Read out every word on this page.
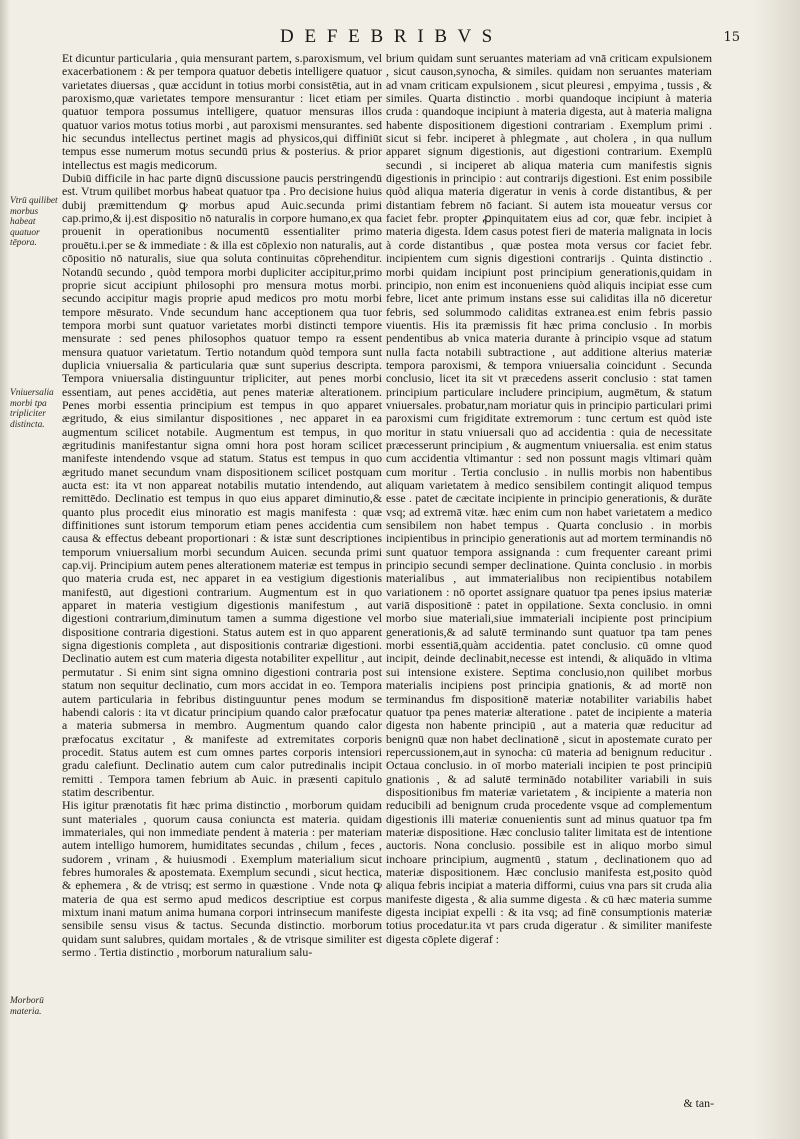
D E F E B R I B V S	15
Vtrū quilibet morbus habeat quatuor tēpora.
Vniuersalia morbi tpa tripliciter distincta.
Morborū materia.

Et dicuntur particularia , quia mensurant partem, s.paroxismum, vel exacerbationem : & per tempora quatuor debetis intelligere quatuor varietates diuersas , quæ accidunt in totius morbi consistētia, aut in paroxismo,quæ varietates tempore mensurantur : licet etiam per quatuor tempora possumus intelligere, quatuor mensuras illos quatuor varios motus totius morbi , aut paroxismi mensurantes. sed hic secundus intellectus pertinet magis ad physicos,qui diffiniūt tempus esse numerum motus secundū prius & posterius. & prior intellectus est magis medicorum.

Dubiū difficile in hac parte dignū discussione paucis perstringendū est. Vtrum quilibet morbus habeat quatuor tpa . Pro decisione huius dubij præmittendum ꝙ morbus apud Auic.secunda primi cap.primo,& ij.est dispositio nō naturalis in corpore humano,ex qua prouenit in operationibus nocumentū essentialiter primo prouētu.i.per se & immediate : & illa est cōplexio non naturalis, aut cōpositio nō naturalis, siue qua soluta continuitas cōprehenditur. Notandū secundo , quòd tempora morbi dupliciter accipitur,primo proprie sicut accipiunt philosophi pro mensura motus morbi. secundo accipitur magis proprie apud medicos pro motu morbi tempore mēsurato. Vnde secundum hanc acceptionem qua tuor tempora morbi sunt quatuor varietates morbi distincti tempore mensurate : sed penes philosophos quatuor tempo ra essent mensura quatuor varietatum. Tertio notandum quòd tempora sunt duplicia vniuersalia & particularia quæ sunt superius descripta. Tempora vniuersalia distinguuntur tripliciter, aut penes morbi essentiam, aut penes accidētia, aut penes materiæ alterationem. Penes morbi essentia principium est tempus in quo apparet ægritudo, & eius similantur dispositiones , nec apparet in ea augmentum scilicet notabile. Augmentum est tempus, in quo ægritudinis manifestantur signa omni hora post horam scilicet manifeste intendendo vsque ad statum. Status est tempus in quo ægritudo manet secundum vnam dispositionem scilicet postquam aucta est: ita vt non appareat notabilis mutatio intendendo, aut remittēdo. Declinatio est tempus in quo eius apparet diminutio,& quanto plus procedit eius minoratio est magis manifesta : quæ diffinitiones sunt istorum temporum etiam penes accidentia cum causa & effectus debeant proportionari : & istæ sunt descriptiones temporum vniuersalium morbi secundum Auicen. secunda primi cap.vij. Principium autem penes alterationem materiæ est tempus in quo materia cruda est, nec apparet in ea vestigium digestionis manifestū, aut digestioni contrarium. Augmentum est in quo apparet in materia vestigium digestionis manifestum , aut digestioni contrarium,diminutum tamen a summa digestione vel dispositione contraria digestioni. Status autem est in quo apparent signa digestionis completa , aut dispositionis contrariæ digestioni. Declinatio autem est cum materia digesta notabiliter expellitur , aut permutatur . Si enim sint signa omnino digestioni contraria post statum non sequitur declinatio, cum mors accidat in eo. Tempora autem particularia in febribus distinguuntur penes modum se habendi caloris : ita vt dicatur principium quando calor præfocatur a materia submersa in membro. Augmentum quando calor præfocatus excitatur , & manifeste ad extremitates corporis procedit. Status autem est cum omnes partes corporis intensiori gradu calefiunt. Declinatio autem cum calor putredinalis incipit remitti . Tempora tamen febrium ab Auic. in præsenti capitulo statim describentur.

His igitur prænotatis fit hæc prima distinctio , morborum quidam sunt materiales , quorum causa coniuncta est materia. quidam immateriales, qui non immediate pendent à materia : per materiam autem intelligo humorem, humiditates secundas , chilum , feces , sudorem , vrinam , & huiusmodi . Exemplum materialium sicut febres humorales & apostemata. Exemplum secundi , sicut hectica, & ephemera , & de vtrisq; est sermo in quæstione . Vnde nota ꝙ materia de qua est sermo apud medicos descriptiue est corpus mixtum inani matum anima humana corpori intrinsecum manifeste sensibile sensu visus & tactus. Secunda distinctio. morborum quidam sunt salubres, quidam mortales , & de vtrisque similiter est sermo . Tertia distinctio , morborum naturalium salu-

brium quidam sunt seruantes materiam ad vnā criticam expulsionem , sicut causon,synocha, & similes. quidam non seruantes materiam ad vnam criticam expulsionem , sicut pleuresi , empyima , tussis , & similes. Quarta distinctio . morbi quandoque incipiunt à materia cruda : quandoque incipiunt à materia digesta, aut à materia maligna habente dispositionem digestioni contrariam . Exemplum primi . sicut si febr. inciperet à phlegmate , aut cholera , in qua nullum apparet signum digestionis, aut digestioni contrarium. Exemplū secundi , si inciperet ab aliqua materia cum manifestis signis digestionis in principio : aut contrarijs digestioni. Est enim possibile quòd aliqua materia digeratur in venis à corde distantibus, & per distantiam febrem nō faciant. Si autem ista moueatur versus cor faciet febr. propter ꝓpinquitatem eius ad cor, quæ febr. incipiet à materia digesta. Idem casus potest fieri de materia malignata in locis à corde distantibus , quæ postea mota versus cor faciet febr. incipientem cum signis digestioni contrarijs . Quinta distinctio . morbi quidam incipiunt post principium generationis,quidam in principio, non enim est inconueniens quòd aliquis incipiat esse cum febre, licet ante primum instans esse sui caliditas illa nō diceretur febris, sed solummodo caliditas extranea.est enim febris passio viuentis. His ita præmissis fit hæc prima conclusio . In morbis pendentibus ab vnica materia durante à principio vsque ad statum nulla facta notabili subtractione , aut additione alterius materiæ tempora paroxismi, & tempora vniuersalia coincidunt . Secunda conclusio, licet ita sit vt præcedens asserit conclusio : stat tamen principium particulare includere principium, augmētum, & statum vniuersales. probatur,nam moriatur quis in principio particulari primi paroxismi cum frigiditate extremorum : tunc certum est quòd iste moritur in statu vniuersali quo ad accidentia : quia de necessitate præcesserunt principium , & augmentum vniuersalia. est enim status cum accidentia vltimantur : sed non possunt magis vltimari quàm cum moritur . Tertia conclusio . in nullis morbis non habentibus aliquam varietatem à medico sensibilem contingit aliquod tempus esse . patet de cæcitate incipiente in principio generationis, & durāte vsq; ad extremā vitæ. hæc enim cum non habet varietatem a medico sensibilem non habet tempus . Quarta conclusio . in morbis incipientibus in principio generationis aut ad mortem terminandis nō sunt quatuor tempora assignanda : cum frequenter careant primi principio secundi semper declinatione. Quinta conclusio . in morbis materialibus , aut immaterialibus non recipientibus notabilem variationem : nō oportet assignare quatuor tpa penes ipsius materiæ variā dispositionē : patet in oppilatione. Sexta conclusio. in omni morbo siue materiali,siue immateriali incipiente post principium generationis,& ad salutē terminando sunt quatuor tpa tam penes morbi essentiā,quàm accidentia. patet conclusio. cū omne quod incipit, deinde declinabit,necesse est intendi, & aliquādo in vltima sui intensione existere. Septima conclusio,non quilibet morbus materialis incipiens post principia gnationis, & ad mortē non terminandus fm dispositionē materiæ notabiliter variabilis habet quatuor tpa penes materiæ alteratione . patet de incipiente a materia digesta non habente principiū , aut a materia quæ reducitur ad benignū quæ non habet declinationē , sicut in apostemate curato per repercussionem,aut in synocha: cū materia ad benignum reducitur . Octaua conclusio. in oī morbo materiali incipien te post principiū gnationis , & ad salutē terminādo notabiliter variabili in suis dispositionibus fm materiæ varietatem , & incipiente a materia non reducibili ad benignum cruda procedente vsque ad complementum digestionis illi materiæ conuenientis sunt ad minus quatuor tpa fm materiæ dispositione. Hæc conclusio taliter limitata est de intentione auctoris. Nona conclusio. possibile est in aliquo morbo simul inchoare principium, augmentū , statum , declinationem quo ad materiæ dispositionem. Hæc conclusio manifesta est,posito quòd aliqua febris incipiat a materia difformi, cuius vna pars sit cruda alia manifeste digesta , & alia summe digesta . & cū hæc materia summe digesta incipiat expelli : & ita vsq; ad finē consumptionis materiæ totius procedatur.ita vt pars cruda digeratur . & similiter manifeste digesta cōplete digeraf :

& tan-
